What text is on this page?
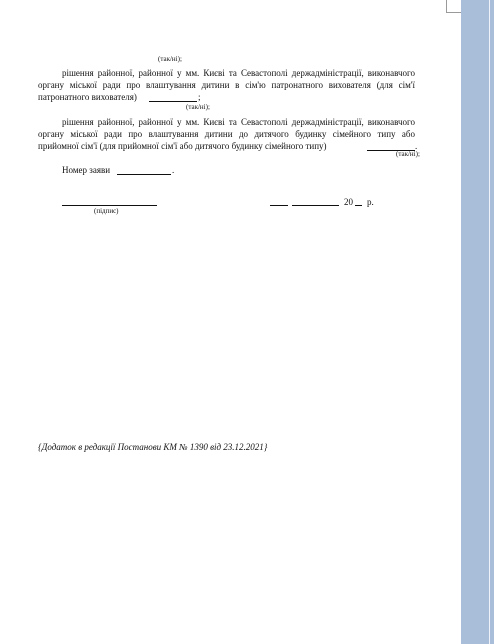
(так/ні);
рішення районної, районної у мм. Києві та Севастополі держадміністрації, виконавчого
органу міської ради про влаштування дитини в сім'ю патронатного вихователя (для сім'ї
патронатного вихователя)	;
(так/ні);
рішення районної, районної у мм. Києві та Севастополі держадміністрації, виконавчого
органу міської ради про влаштування дитини до дитячого будинку сімейного типу або
прийомної сім'ї (для прийомної сім'ї або дитячого будинку сімейного типу)	.
(так/ні);
Номер заяви	.
(підпис)
20 р.
{Додаток в редакції Постанови КМ № 1390 від 23.12.2021}
